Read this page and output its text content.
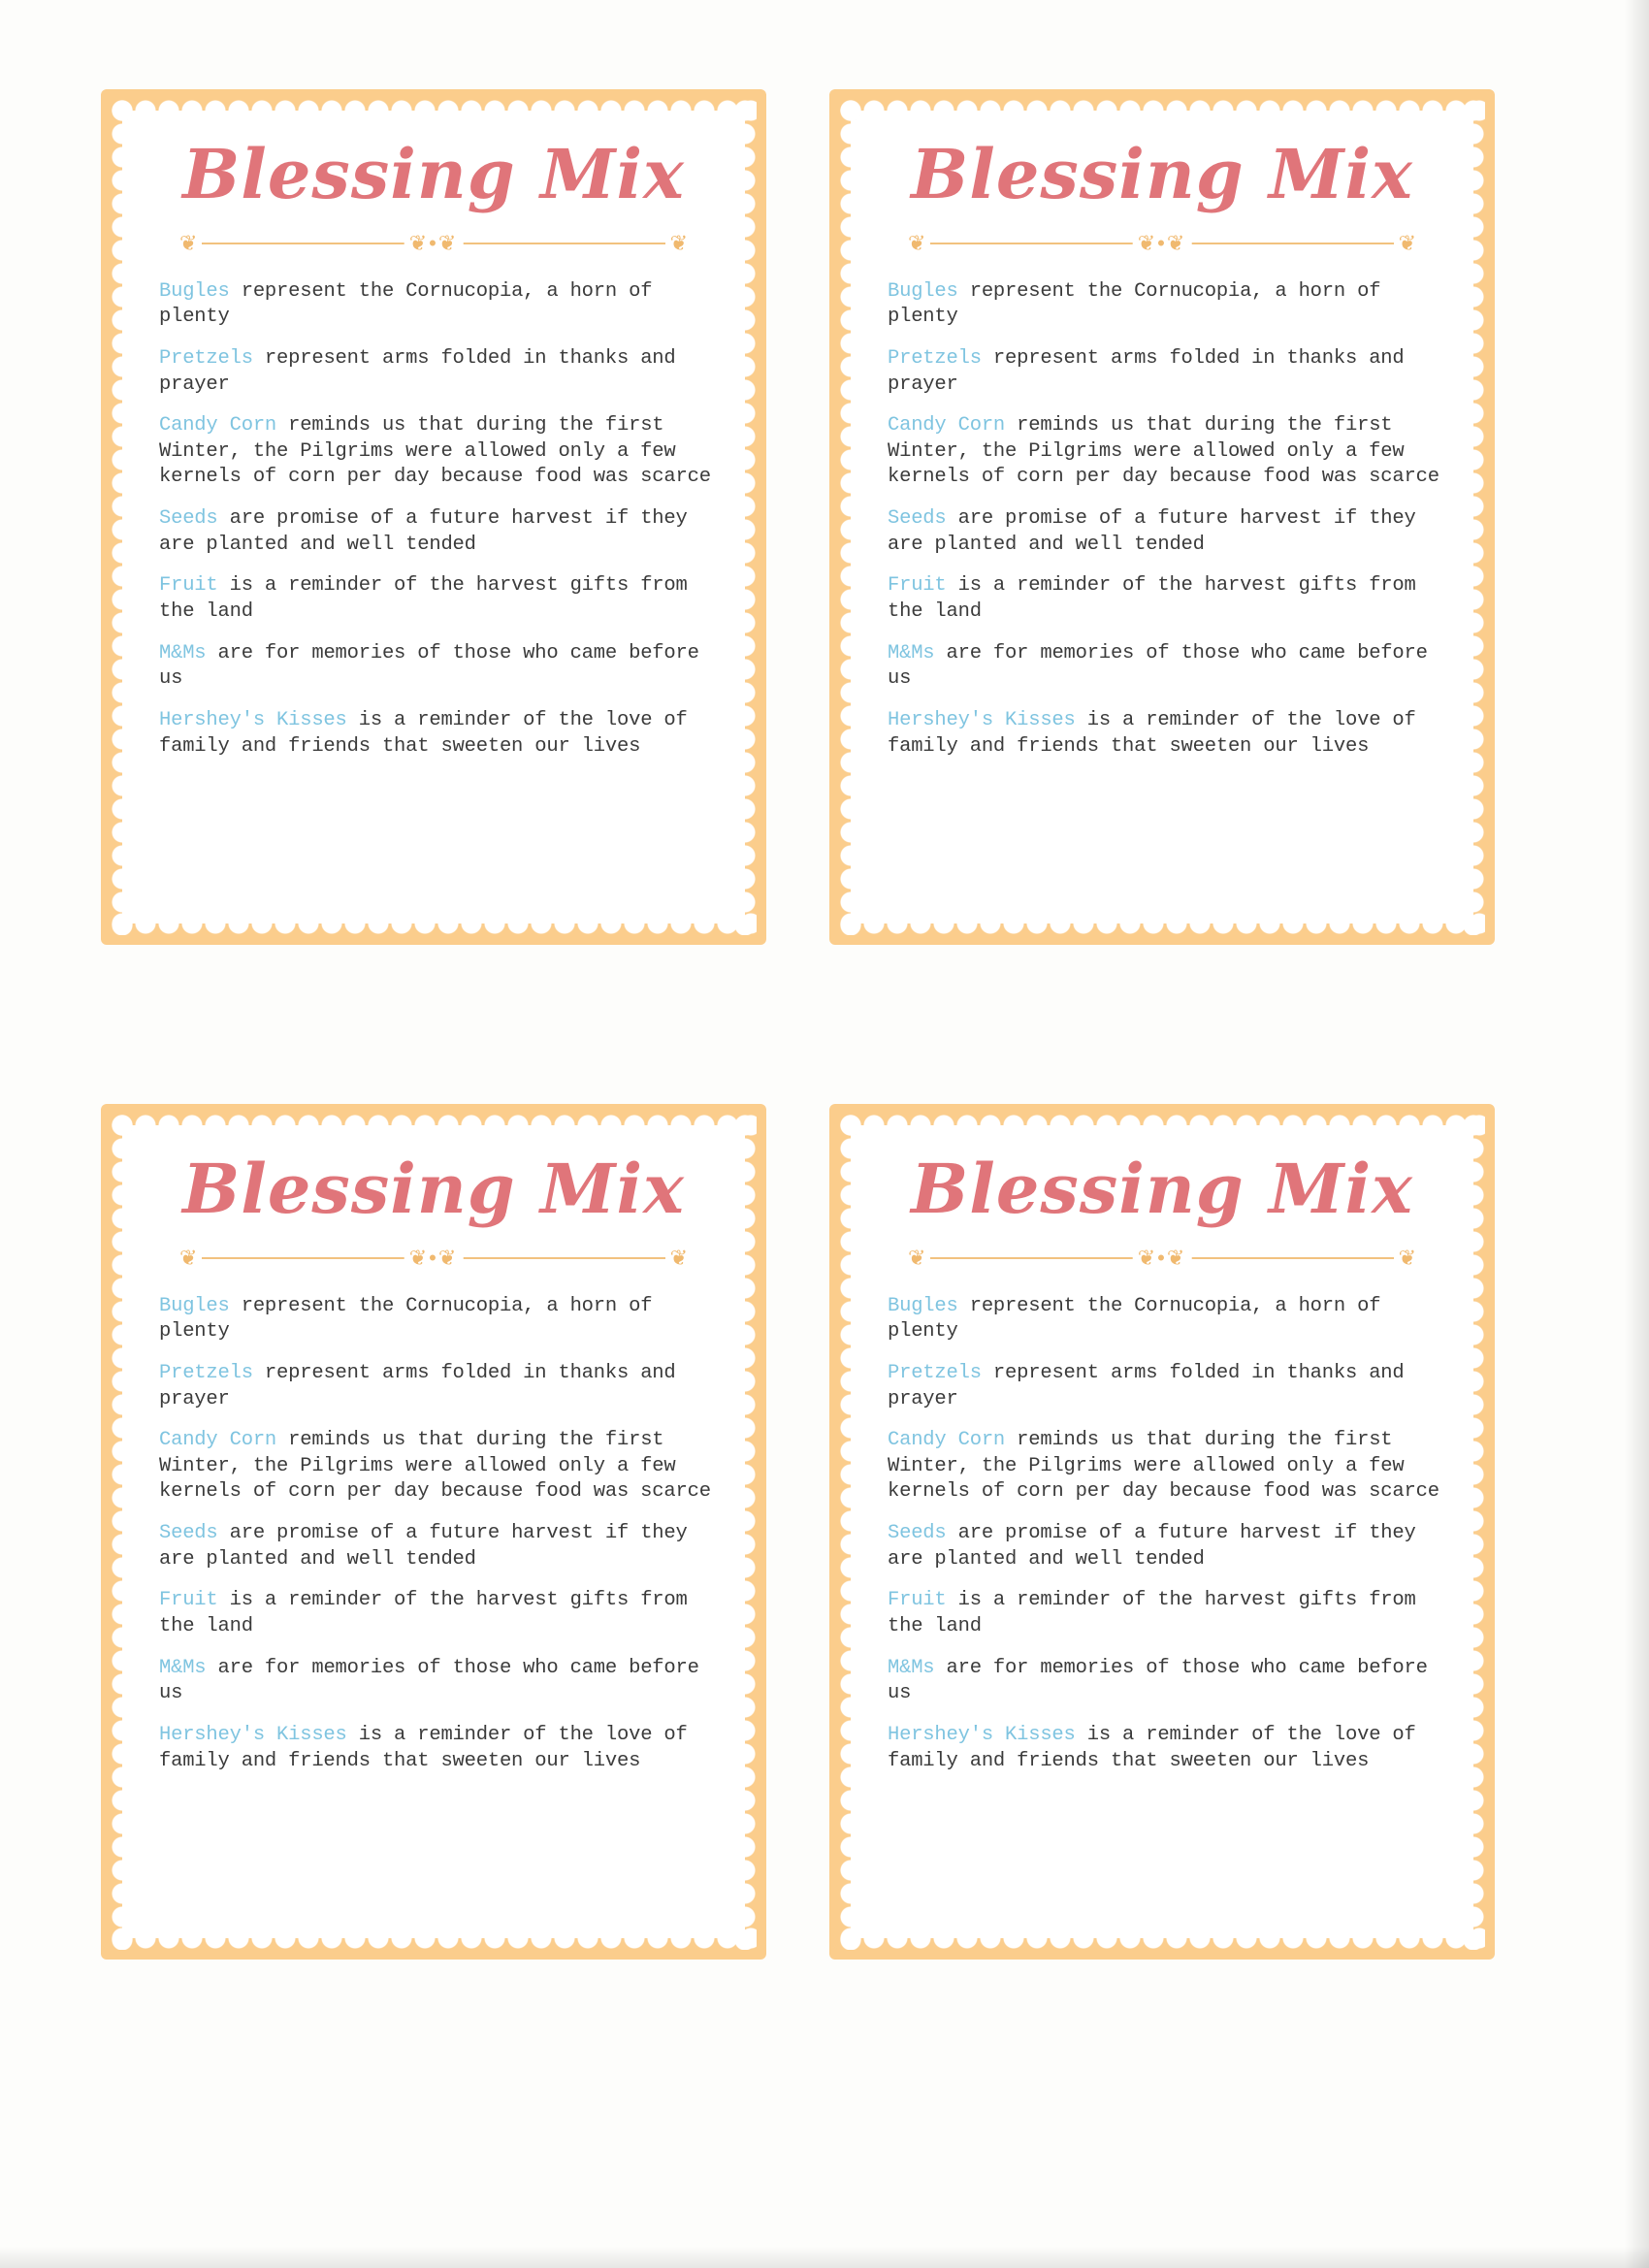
Blessing Mix
❦	❦•❦	❦
Bugles represent the Cornucopia, a horn of plenty
Pretzels represent arms folded in thanks and prayer
Candy Corn reminds us that during the first Winter, the Pilgrims were allowed only a few kernels of corn per day because food was scarce
Seeds are promise of a future harvest if they are planted and well tended
Fruit is a reminder of the harvest gifts from the land
M&Ms are for memories of those who came before us
Hershey's Kisses is a reminder of the love of family and friends that sweeten our lives
Blessing Mix
❦	❦•❦	❦
Bugles represent the Cornucopia, a horn of plenty
Pretzels represent arms folded in thanks and prayer
Candy Corn reminds us that during the first Winter, the Pilgrims were allowed only a few kernels of corn per day because food was scarce
Seeds are promise of a future harvest if they are planted and well tended
Fruit is a reminder of the harvest gifts from the land
M&Ms are for memories of those who came before us
Hershey's Kisses is a reminder of the love of family and friends that sweeten our lives
Blessing Mix
❦	❦•❦	❦
Bugles represent the Cornucopia, a horn of plenty
Pretzels represent arms folded in thanks and prayer
Candy Corn reminds us that during the first Winter, the Pilgrims were allowed only a few kernels of corn per day because food was scarce
Seeds are promise of a future harvest if they are planted and well tended
Fruit is a reminder of the harvest gifts from the land
M&Ms are for memories of those who came before us
Hershey's Kisses is a reminder of the love of family and friends that sweeten our lives
Blessing Mix
❦	❦•❦	❦
Bugles represent the Cornucopia, a horn of plenty
Pretzels represent arms folded in thanks and prayer
Candy Corn reminds us that during the first Winter, the Pilgrims were allowed only a few kernels of corn per day because food was scarce
Seeds are promise of a future harvest if they are planted and well tended
Fruit is a reminder of the harvest gifts from the land
M&Ms are for memories of those who came before us
Hershey's Kisses is a reminder of the love of family and friends that sweeten our lives
